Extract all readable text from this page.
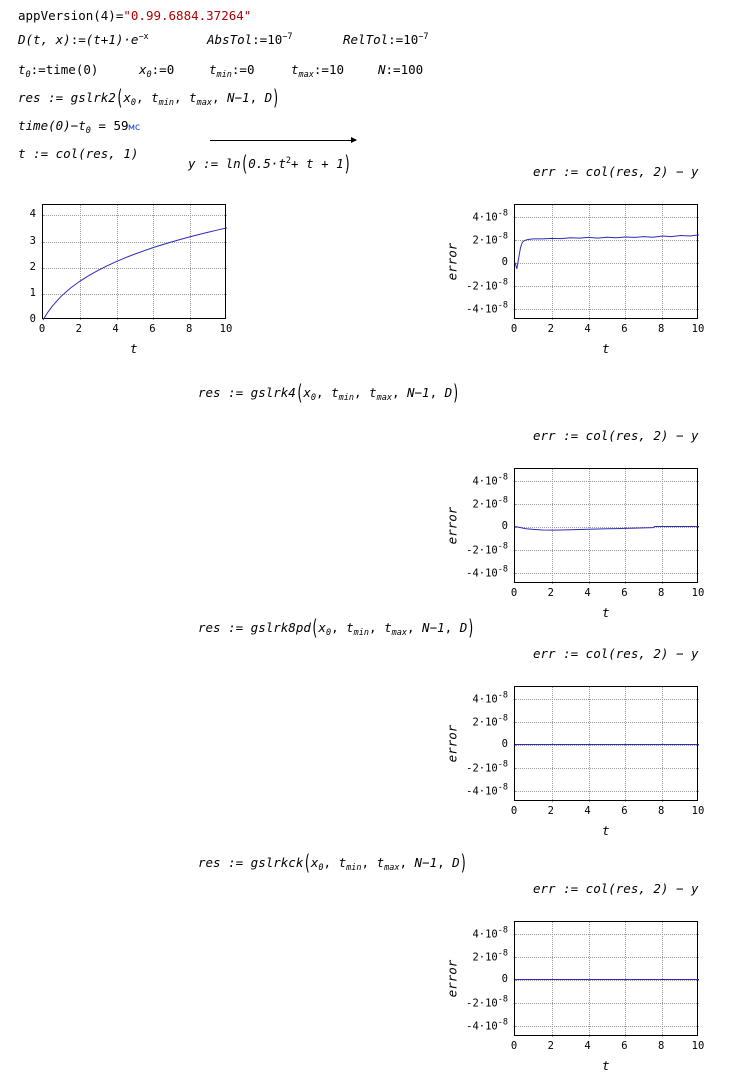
appVersion(4)="0.99.6884.37264"
D(t, $x):=(t+1)\cdot e^{-x}$	$AbsTol:=10^{-7}$	$RelTol:=10^{-7}$
$t_0:=time(0)$	$x_0:=0$	$t_{min}:=0$	$t_{max}:=10$	N:=100
res := $gslrk2(x_0$, $t_{min}$, $t_{max}$, N−1, D)
$time(0)-t_0 = 59мс$
t := col(res, 1)
y := $\ln(0.5\cdot t^2+ t + 1)$
res := $gslrk4(x_0$, $t_{min}$, $t_{max}$, N−1, D)
res := $gslrk8pd(x_0$, $t_{min}$, $t_{max}$, N−1, D)
res := $gslrkck(x_0$, $t_{min}$, $t_{max}$, N−1, D)
err := col(res, 2) − y
err := col(res, 2) − y
err := col(res, 2) − y
err := col(res, 2) − y
0	2	4	6	8	10
0
1
2
3
4
t
0	2	4	6	8	10
$-4\cdot 10^{-8}$
$-2\cdot 10^{-8}$
0
$2\cdot 10^{-8}$
$4\cdot 10^{-8}$
t
error
0	2	4	6	8	10
$-4\cdot 10^{-8}$
$-2\cdot 10^{-8}$
0
$2\cdot 10^{-8}$
$4\cdot 10^{-8}$
t
error
0	2	4	6	8	10
$-4\cdot 10^{-8}$
$-2\cdot 10^{-8}$
0
$2\cdot 10^{-8}$
$4\cdot 10^{-8}$
t
error
0	2	4	6	8	10
$-4\cdot 10^{-8}$
$-2\cdot 10^{-8}$
0
$2\cdot 10^{-8}$
$4\cdot 10^{-8}$
t
error
